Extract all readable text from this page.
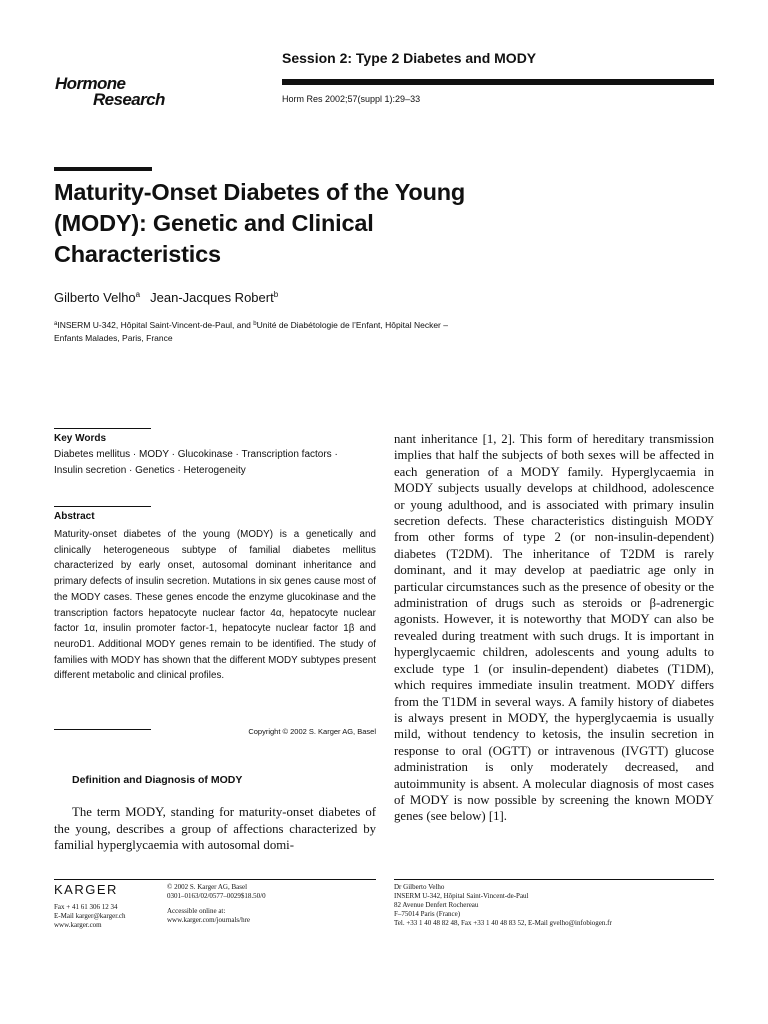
Session 2: Type 2 Diabetes and MODY
Horm Res 2002;57(suppl 1):29–33
Hormone
Research
Maturity-Onset Diabetes of the Young
(MODY): Genetic and Clinical
Characteristics
Gilberto Velho$^a$ Jean-Jacques Robert$^b$
$^a$INSERM U-342, Hôpital Saint-Vincent-de-Paul, and $^b$Unité de Diabétologie de l’Enfant, Hôpital Necker –
Enfants Malades, Paris, France
Key Words
Diabetes mellitus · MODY · Glucokinase · Transcription factors · Insulin secretion · Genetics · Heterogeneity
Abstract
Maturity-onset diabetes of the young (MODY) is a genetically and clinically heterogeneous subtype of familial diabetes mellitus characterized by early onset, autosomal dominant inheritance and primary defects of insulin secretion. Mutations in six genes cause most of the MODY cases. These genes encode the enzyme glucokinase and the transcription factors hepatocyte nuclear factor 4α, hepatocyte nuclear factor 1α, insulin promoter factor-1, hepatocyte nuclear factor 1β and neuroD1. Additional MODY genes remain to be identified. The study of families with MODY has shown that the different MODY subtypes present different metabolic and clinical profiles.
Copyright © 2002 S. Karger AG, Basel
Definition and Diagnosis of MODY
The term MODY, standing for maturity-onset diabetes of the young, describes a group of affections characterized by familial hyperglycaemia with autosomal domi-
nant inheritance [1, 2]. This form of hereditary transmission implies that half the subjects of both sexes will be affected in each generation of a MODY family. Hyperglycaemia in MODY subjects usually develops at childhood, adolescence or young adulthood, and is associated with primary insulin secretion defects. These characteristics distinguish MODY from other forms of type 2 (or non-insulin-dependent) diabetes (T2DM). The inheritance of T2DM is rarely dominant, and it may develop at paediatric age only in particular circumstances such as the presence of obesity or the administration of drugs such as steroids or β-adrenergic agonists. However, it is noteworthy that MODY can also be revealed during treatment with such drugs. It is important in hyperglycaemic children, adolescents and young adults to exclude type 1 (or insulin-dependent) diabetes (T1DM), which requires immediate insulin treatment. MODY differs from the T1DM in several ways. A family history of diabetes is always present in MODY, the hyperglycaemia is usually mild, without tendency to ketosis, the insulin secretion in response to oral (OGTT) or intravenous (IVGTT) glucose administration is only moderately decreased, and autoimmunity is absent. A molecular diagnosis of most cases of MODY is now possible by screening the known MODY genes (see below) [1].
KARGER
Fax + 41 61 306 12 34
E-Mail karger@karger.ch
www.karger.com
© 2002 S. Karger AG, Basel
0301–0163/02/0577–0029$18.50/0
Accessible online at:
www.karger.com/journals/hre
Dr Gilberto Velho
INSERM U-342, Hôpital Saint-Vincent-de-Paul
82 Avenue Denfert Rochereau
F–75014 Paris (France)
Tel. +33 1 40 48 82 48, Fax +33 1 40 48 83 52, E-Mail gvelho@infobiogen.fr
